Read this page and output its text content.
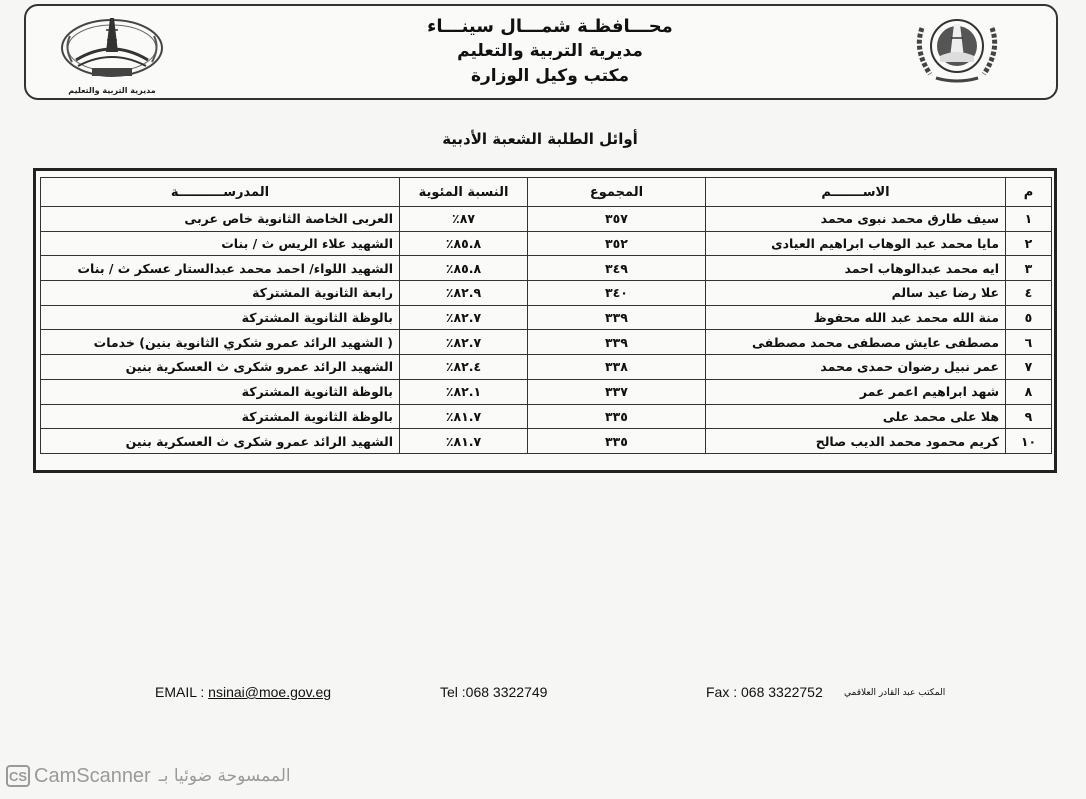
مديرية التربية والتعليم
محـــافظـة شمـــال سينـــاء
مديرية التربية والتعليم
مكتب وكيل الوزارة
أوائل الطلبة الشعبة الأدبية
م	الاســـــــم	المجموع	النسبة المئوية	المدرســــــــــة
١	سيف طارق محمد نبوى محمد	٣٥٧	٨٧٪	العربى الخاصة الثانوية خاص عربى
٢	مايا محمد عبد الوهاب ابراهيم العيادى	٣٥٢	٨٥.٨٪	الشهيد علاء الريس ث / بنات
٣	ايه محمد عبدالوهاب احمد	٣٤٩	٨٥.٨٪	الشهيد اللواء/ احمد محمد عبدالستار عسكر ث / بنات
٤	علا رضا عيد سالم	٣٤٠	٨٢.٩٪	رابعة الثانوية المشتركة
٥	منة الله محمد عبد الله محفوظ	٣٣٩	٨٢.٧٪	بالوظة الثانوية المشتركة
٦	مصطفى عايش مصطفى محمد مصطفى	٣٣٩	٨٢.٧٪	( الشهيد الرائد عمرو شكري الثانوية بنين) خدمات
٧	عمر نبيل رضوان حمدى محمد	٣٣٨	٨٢.٤٪	الشهيد الرائد عمرو شكرى ث العسكرية بنين
٨	شهد ابراهيم اعمر عمر	٣٣٧	٨٢.١٪	بالوظة الثانوية المشتركة
٩	هلا على محمد على	٣٣٥	٨١.٧٪	بالوظة الثانوية المشتركة
١٠	كريم محمود محمد الديب صالح	٣٣٥	٨١.٧٪	الشهيد الرائد عمرو شكرى ث العسكرية بنين
EMAIL : nsinai@moe.gov.eg	Tel :068 3322749	Fax : 068 3322752 المكتب عبد القادر العلاقمي
CS CamScanner الممسوحة ضوئيا بـ
